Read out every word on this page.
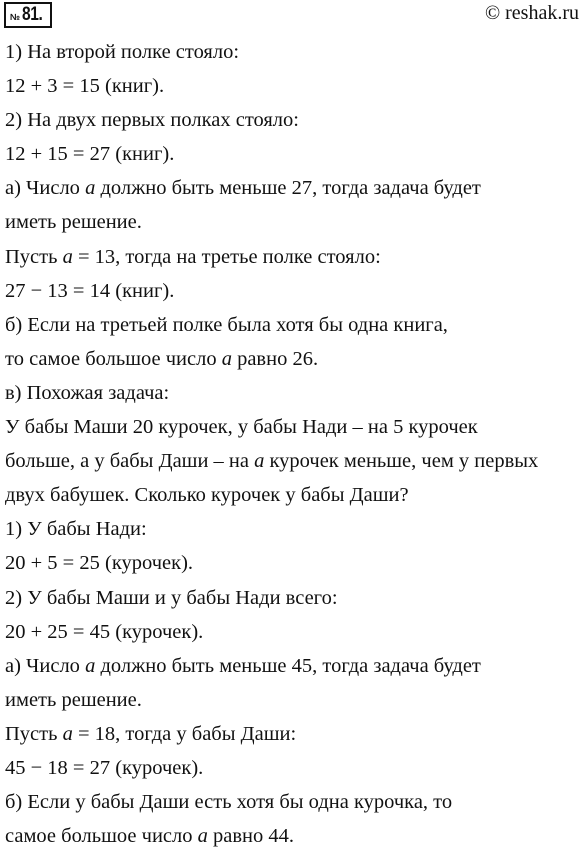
№ 81.	© reshak.ru
1) На второй полке стояло:
12 + 3 = 15 (книг).
2) На двух первых полках стояло:
12 + 15 = 27 (книг).
а) Число a должно быть меньше 27, тогда задача будет
иметь решение.
Пусть a = 13, тогда на третье полке стояло:
27 − 13 = 14 (книг).
б) Если на третьей полке была хотя бы одна книга,
то самое большое число a равно 26.
в) Похожая задача:
У бабы Маши 20 курочек, у бабы Нади – на 5 курочек
больше, а у бабы Даши – на a курочек меньше, чем у первых
двух бабушек. Сколько курочек у бабы Даши?
1) У бабы Нади:
20 + 5 = 25 (курочек).
2) У бабы Маши и у бабы Нади всего:
20 + 25 = 45 (курочек).
а) Число a должно быть меньше 45, тогда задача будет
иметь решение.
Пусть a = 18, тогда у бабы Даши:
45 − 18 = 27 (курочек).
б) Если у бабы Даши есть хотя бы одна курочка, то
самое большое число a равно 44.
